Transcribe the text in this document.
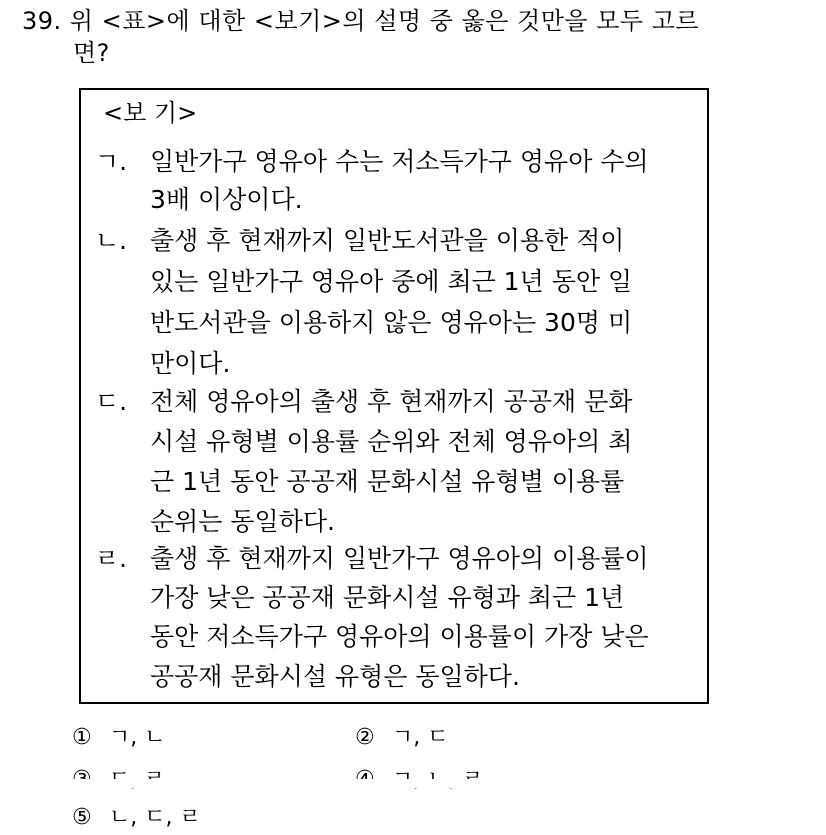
39. 위 <표>에 대한 <보기>의 설명 중 옳은 것만을 모두 고르
면?
<보 기>
ㄱ. 일반가구 영유아 수는 저소득가구 영유아 수의
3배 이상이다.
ㄴ. 출생 후 현재까지 일반도서관을 이용한 적이
있는 일반가구 영유아 중에 최근 1년 동안 일
반도서관을 이용하지 않은 영유아는 30명 미
만이다.
ㄷ. 전체 영유아의 출생 후 현재까지 공공재 문화
시설 유형별 이용률 순위와 전체 영유아의 최
근 1년 동안 공공재 문화시설 유형별 이용률
순위는 동일하다.
ㄹ. 출생 후 현재까지 일반가구 영유아의 이용률이
가장 낮은 공공재 문화시설 유형과 최근 1년
동안 저소득가구 영유아의 이용률이 가장 낮은
공공재 문화시설 유형은 동일하다.
① ㄱ, ㄴ	② ㄱ, ㄷ
⑤ ㄴ, ㄷ, ㄹ
